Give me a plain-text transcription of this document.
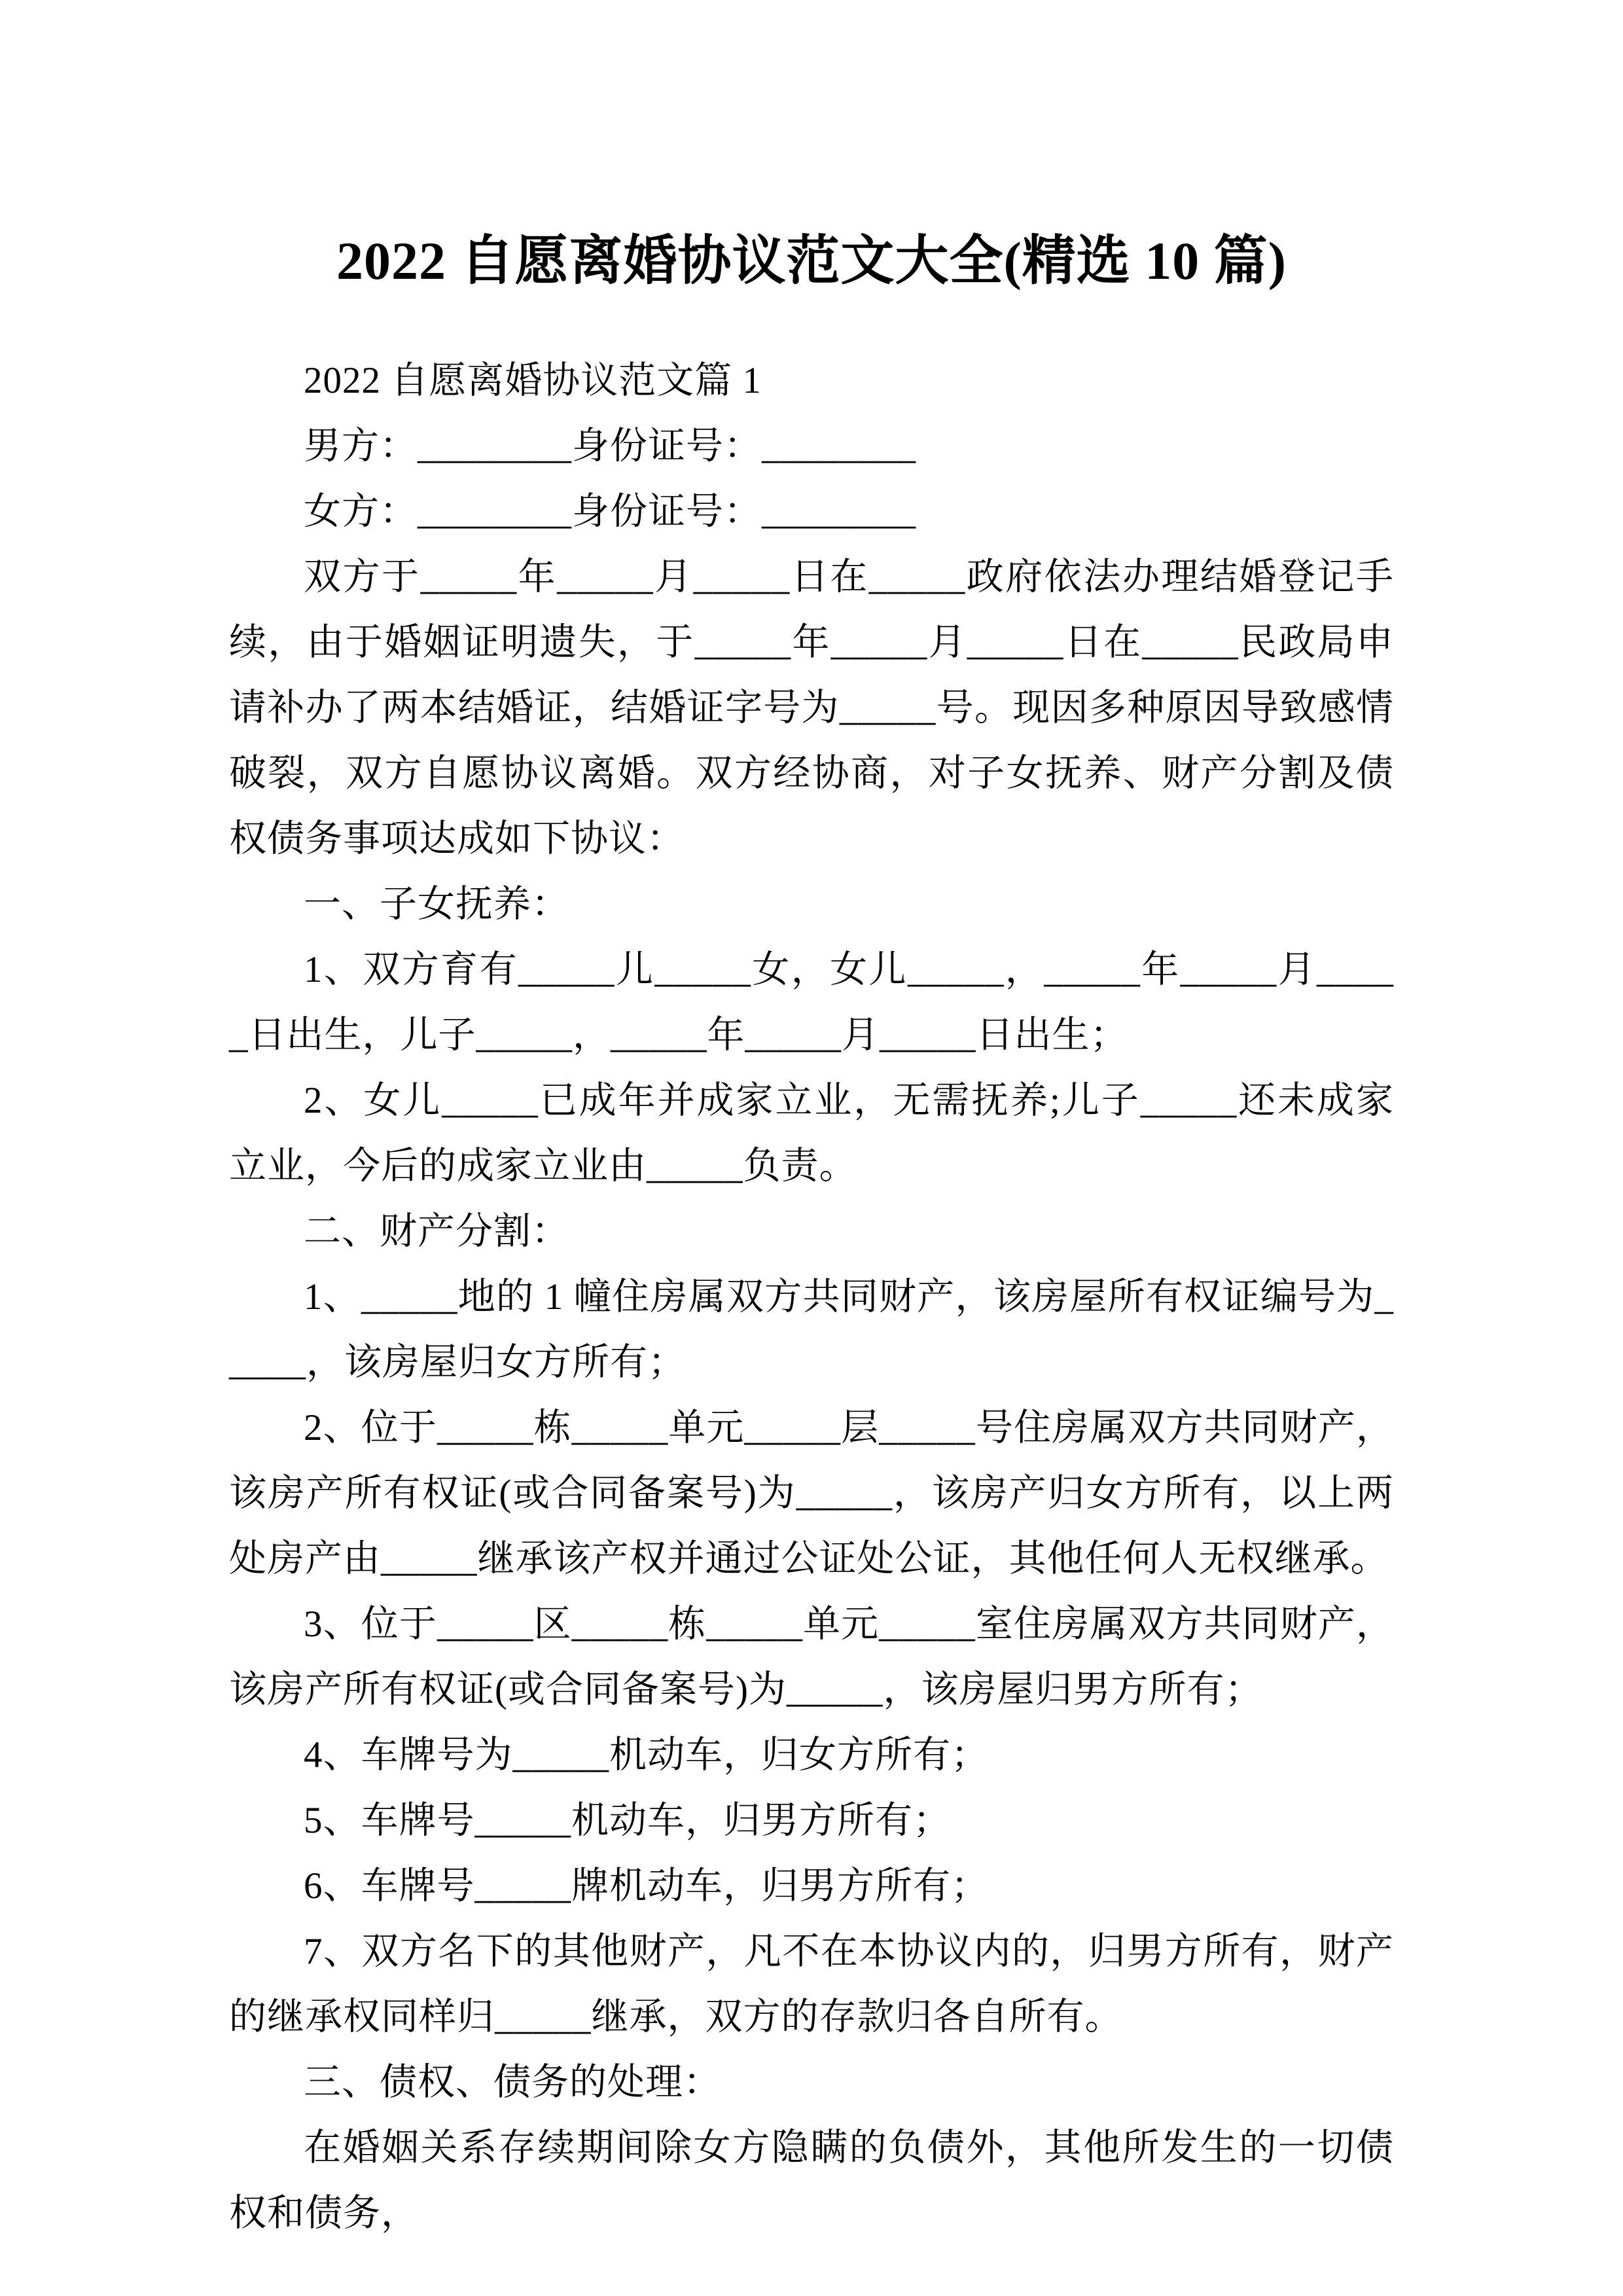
2022 自愿离婚协议范文大全(精选 10 篇)

2022 自愿离婚协议范文篇 1

男方：________身份证号：________

女方：________身份证号：________

双方于_____年_____月_____日在_____政府依法办理结婚登记手续，由于婚姻证明遗失，于_____年_____月_____日在_____民政局申请补办了两本结婚证，结婚证字号为_____号。现因多种原因导致感情破裂，双方自愿协议离婚。双方经协商，对子女抚养、财产分割及债权债务事项达成如下协议：

一、子女抚养：

1、双方育有_____儿_____女，女儿_____，_____年_____月_____日出生，儿子_____，_____年_____月_____日出生；

2、女儿_____已成年并成家立业，无需抚养;儿子_____还未成家立业，今后的成家立业由_____负责。

二、财产分割：

1、_____地的 1 幢住房属双方共同财产，该房屋所有权证编号为_____，该房屋归女方所有；

2、位于_____栋_____单元_____层_____号住房属双方共同财产，该房产所有权证(或合同备案号)为_____，该房产归女方所有，以上两处房产由_____继承该产权并通过公证处公证，其他任何人无权继承。

3、位于_____区_____栋_____单元_____室住房属双方共同财产，该房产所有权证(或合同备案号)为_____，该房屋归男方所有；

4、车牌号为_____机动车，归女方所有；

5、车牌号_____机动车，归男方所有；

6、车牌号_____牌机动车，归男方所有；

7、双方名下的其他财产，凡不在本协议内的，归男方所有，财产的继承权同样归_____继承，双方的存款归各自所有。

三、债权、债务的处理：

在婚姻关系存续期间除女方隐瞒的负债外，其他所发生的一切债权和债务，
